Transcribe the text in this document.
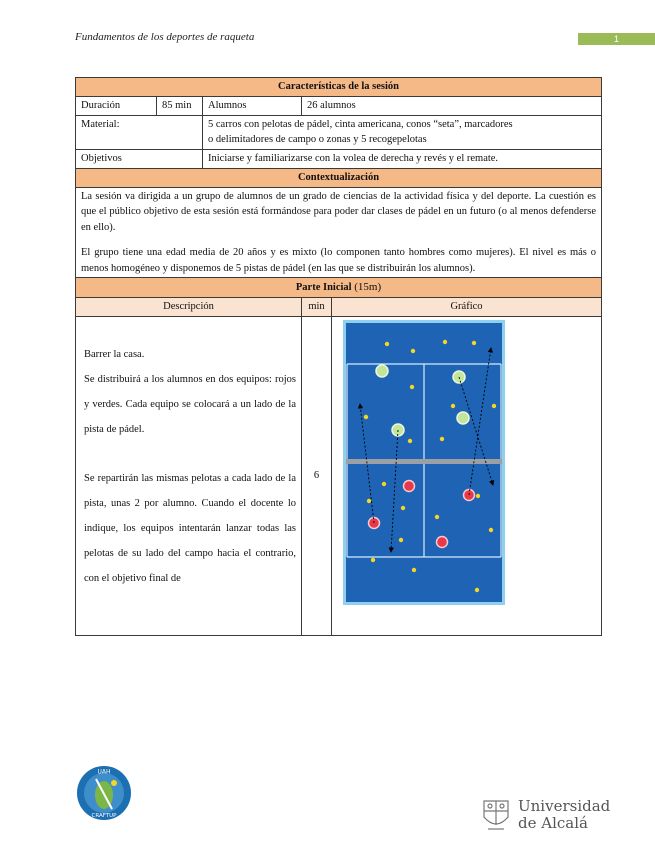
Fundamentos de los deportes de raqueta	1
Características de la sesión				
Duración	85 min	Alumnos	26 alumnos	
Material:		5 carros con pelotas de pádel, cinta americana, conos “seta”, marcadores
o delimitadores de campo o zonas y 5 recogepelotas		

Objetivos		Iniciarse y familiarizarse con la volea de derecha y revés y el remate.		
Contextualización				

La sesión va dirigida a un grupo de alumnos de un grado de ciencias de la actividad física y del deporte. La cuestión es que el público objetivo de esta sesión está formándose para poder dar clases de pádel en un futuro (o al menos defenderse en ello).

El grupo tiene una edad media de 20 años y es mixto (lo componen tanto hombres como mujeres). El nivel es más o menos homogéneo y disponemos de 5 pistas de pádel (en las que se distribuirán los alumnos).				

Parte Inicial (15m)				
Descripción			min	Gráfico

Barrer la casa.

Se distribuirá a los alumnos en dos equipos: rojos y verdes. Cada equipo se colocará a un lado de la pista de pádel.

Se repartirán las mismas pelotas a cada lado de la pista, unas 2 por alumno. Cuando el docente lo indique, los equipos intentarán lanzar todas las pelotas de su lado del campo hacia el contrario, con el objetivo final de			6	
UAH
CRAFTUP
Universidad
de Alcalá
